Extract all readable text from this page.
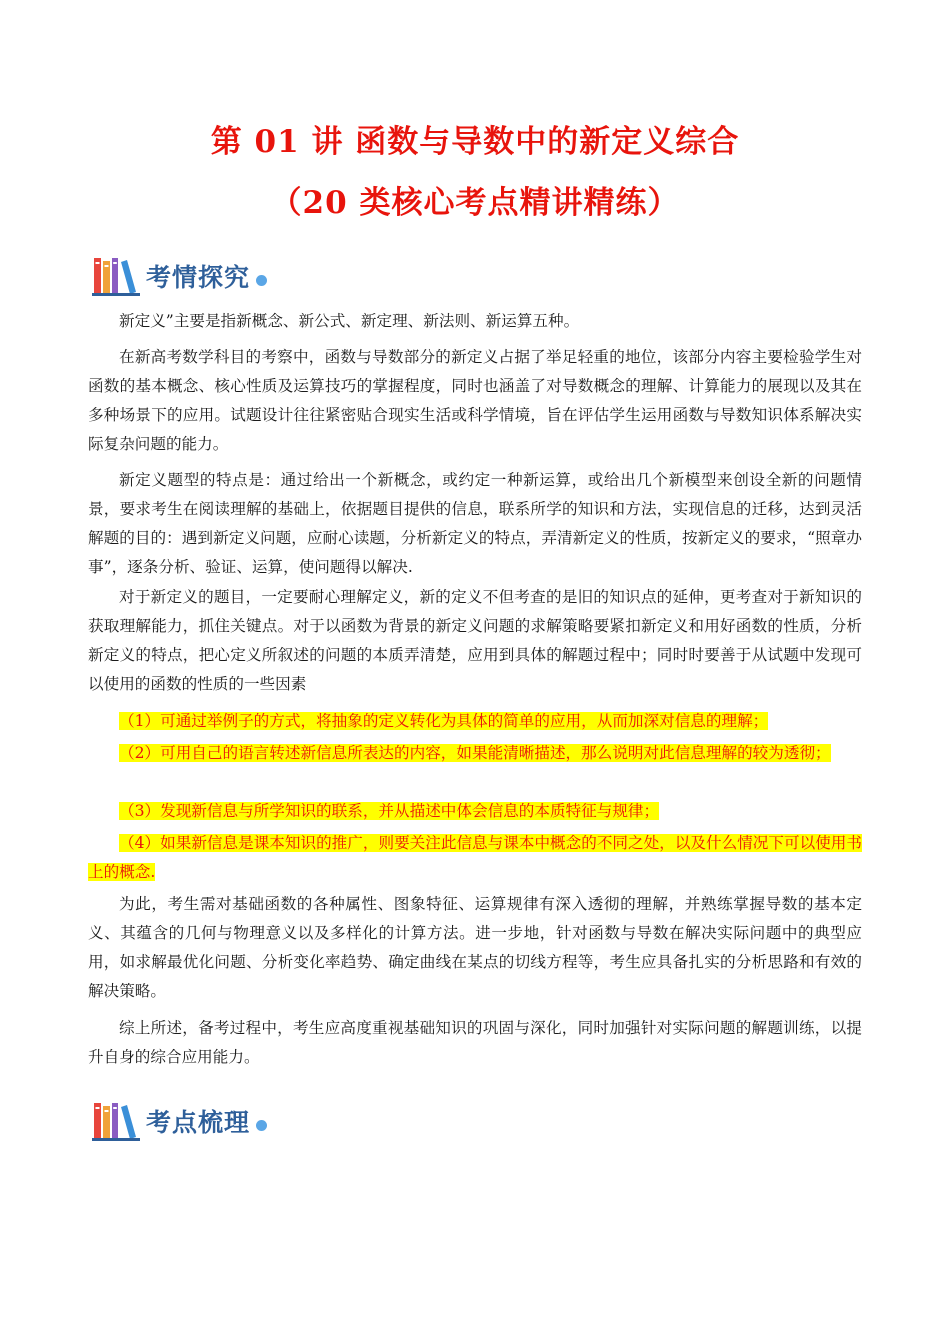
第 01 讲 函数与导数中的新定义综合
（20 类核心考点精讲精练）
考情探究

新定义”主要是指新概念、新公式、新定理、新法则、新运算五种。

在新高考数学科目的考察中，函数与导数部分的新定义占据了举足轻重的地位，该部分内容主要检验学生对函数的基本概念、核心性质及运算技巧的掌握程度，同时也涵盖了对导数概念的理解、计算能力的展现以及其在多种场景下的应用。试题设计往往紧密贴合现实生活或科学情境，旨在评估学生运用函数与导数知识体系解决实际复杂问题的能力。

新定义题型的特点是：通过给出一个新概念，或约定一种新运算，或给出几个新模型来创设全新的问题情景，要求考生在阅读理解的基础上，依据题目提供的信息，联系所学的知识和方法，实现信息的迁移，达到灵活解题的目的：遇到新定义问题，应耐心读题，分析新定义的特点，弄清新定义的性质，按新定义的要求，“照章办事”，逐条分析、验证、运算，使问题得以解决.

对于新定义的题目，一定要耐心理解定义，新的定义不但考查的是旧的知识点的延伸，更考查对于新知识的获取理解能力，抓住关键点。对于以函数为背景的新定义问题的求解策略要紧扣新定义和用好函数的性质，分析新定义的特点，把心定义所叙述的问题的本质弄清楚，应用到具体的解题过程中；同时时要善于从试题中发现可以使用的函数的性质的一些因素

（1）可通过举例子的方式，将抽象的定义转化为具体的简单的应用，从而加深对信息的理解；

（2）可用自己的语言转述新信息所表达的内容，如果能清晰描述，那么说明对此信息理解的较为透彻；

（3）发现新信息与所学知识的联系，并从描述中体会信息的本质特征与规律；

（4）如果新信息是课本知识的推广，则要关注此信息与课本中概念的不同之处，以及什么情况下可以使用书上的概念.

为此，考生需对基础函数的各种属性、图象特征、运算规律有深入透彻的理解，并熟练掌握导数的基本定义、其蕴含的几何与物理意义以及多样化的计算方法。进一步地，针对函数与导数在解决实际问题中的典型应用，如求解最优化问题、分析变化率趋势、确定曲线在某点的切线方程等，考生应具备扎实的分析思路和有效的解决策略。

综上所述，备考过程中，考生应高度重视基础知识的巩固与深化，同时加强针对实际问题的解题训练，以提升自身的综合应用能力。

考点梳理
